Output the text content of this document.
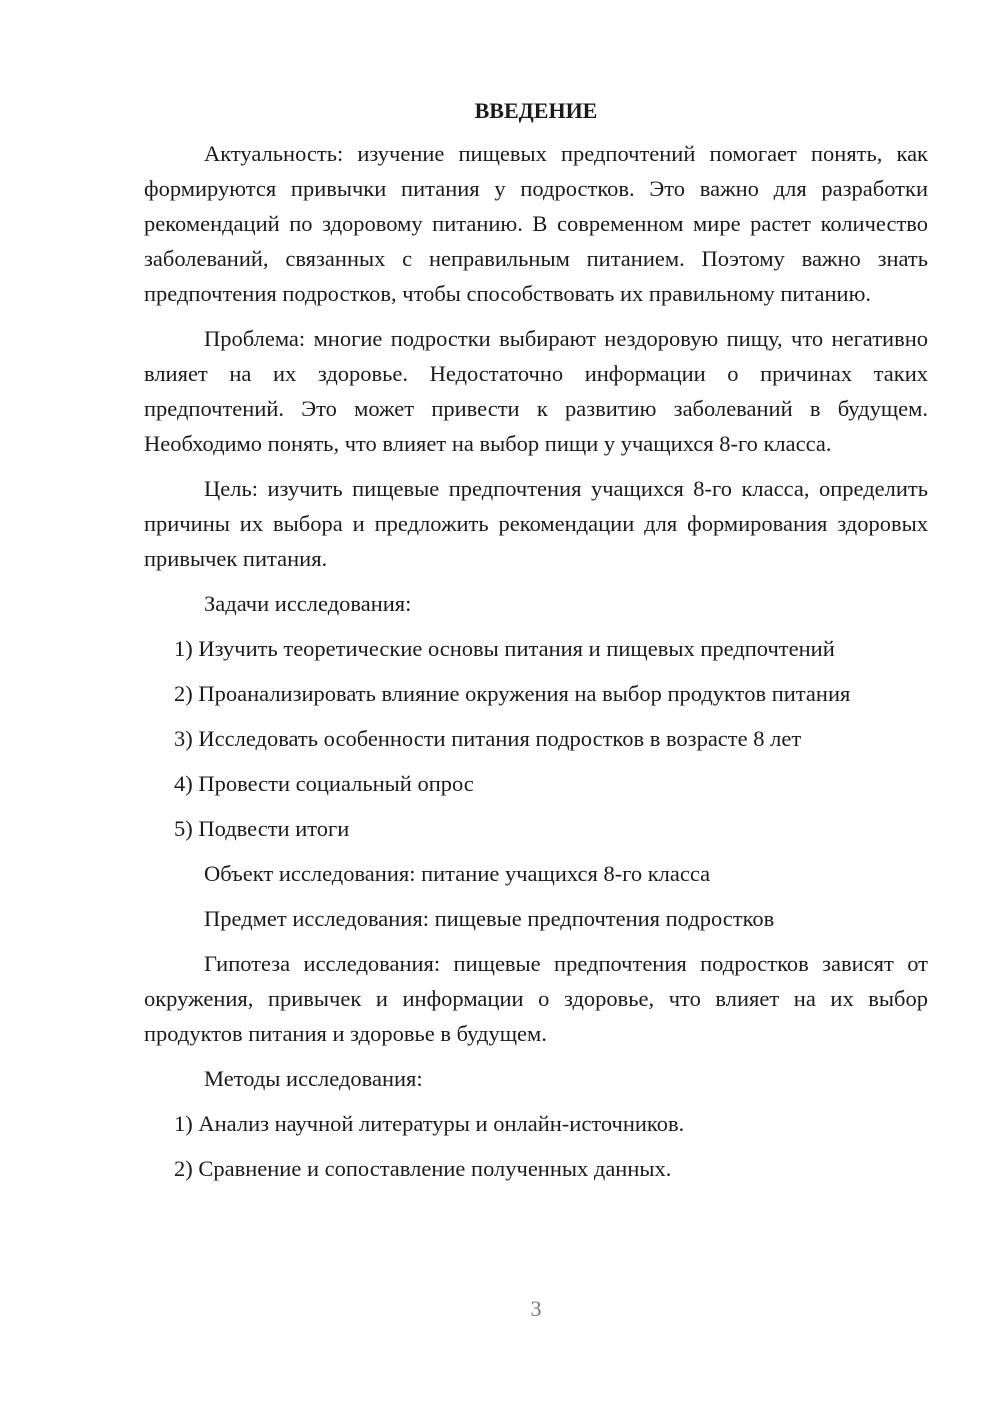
ВВЕДЕНИЕ

Актуальность: изучение пищевых предпочтений помогает понять, как формируются привычки питания у подростков. Это важно для разработки рекомендаций по здоровому питанию. В современном мире растет количество заболеваний, связанных с неправильным питанием. Поэтому важно знать предпочтения подростков, чтобы способствовать их правильному питанию.

Проблема: многие подростки выбирают нездоровую пищу, что негативно влияет на их здоровье. Недостаточно информации о причинах таких предпочтений. Это может привести к развитию заболеваний в будущем. Необходимо понять, что влияет на выбор пищи у учащихся 8-го класса.

Цель: изучить пищевые предпочтения учащихся 8-го класса, определить причины их выбора и предложить рекомендации для формирования здоровых привычек питания.

Задачи исследования:

1) Изучить теоретические основы питания и пищевых предпочтений

2) Проанализировать влияние окружения на выбор продуктов питания

3) Исследовать особенности питания подростков в возрасте 8 лет

4) Провести социальный опрос

5) Подвести итоги

Объект исследования: питание учащихся 8-го класса

Предмет исследования: пищевые предпочтения подростков

Гипотеза исследования: пищевые предпочтения подростков зависят от окружения, привычек и информации о здоровье, что влияет на их выбор продуктов питания и здоровье в будущем.

Методы исследования:

1) Анализ научной литературы и онлайн-источников.

2) Сравнение и сопоставление полученных данных.

3
